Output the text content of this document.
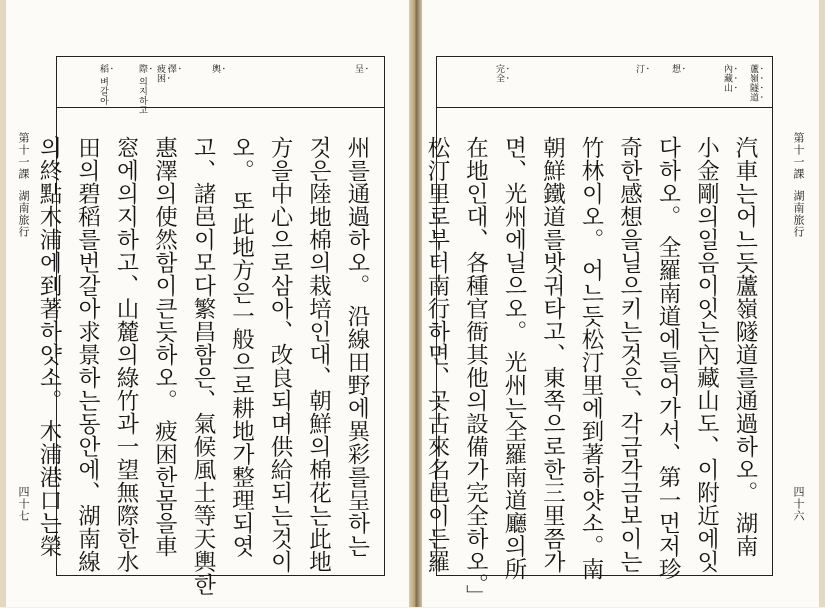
呈
輿
疲困 澤
際 의지하고
稻 벼갈아
州를通過하오。 沿線田野에異彩를呈하는
것은陸地棉의栽培인대、朝鮮의棉花는此地
方을中心으로삼아、改良되며供給되는것이
오。 또此地方은一般으로耕地가整理되엿
고、諸邑이모다繁昌함은、氣候風土等天輿한
惠澤의使然함이큰듯하오。 疲困한몸을車
窓에의지하고、山麓의綠竹과一望無際한水
田의碧稻를번갈아求景하는동안에、湖南線
의終點木浦에到著하얏소。 木浦港口는榮
第十一課湖南旅行
四十七
蘆嶺隧道
內藏山
想
汀
完全
汽車는어느듯蘆嶺隧道를通過하오。 湖南
小金剛의일음이잇는內藏山도、이附近에잇
다하오。 全羅南道에들어가서、第一먼저珍
奇한感想을닐으키는것은、각금각금보이는
竹林이오。 어느듯松汀里에到著하얏소。南
朝鮮鐵道를밧궈타고、東쪽으로한三里쯤가
면、光州에닐으오。 光州는全羅南道廳의所
在地인대、各種官衙其他의設備가完全하오。」
松汀里로부터南行하면、곳古來名邑이든羅	第十一課湖南旅行
四十六
